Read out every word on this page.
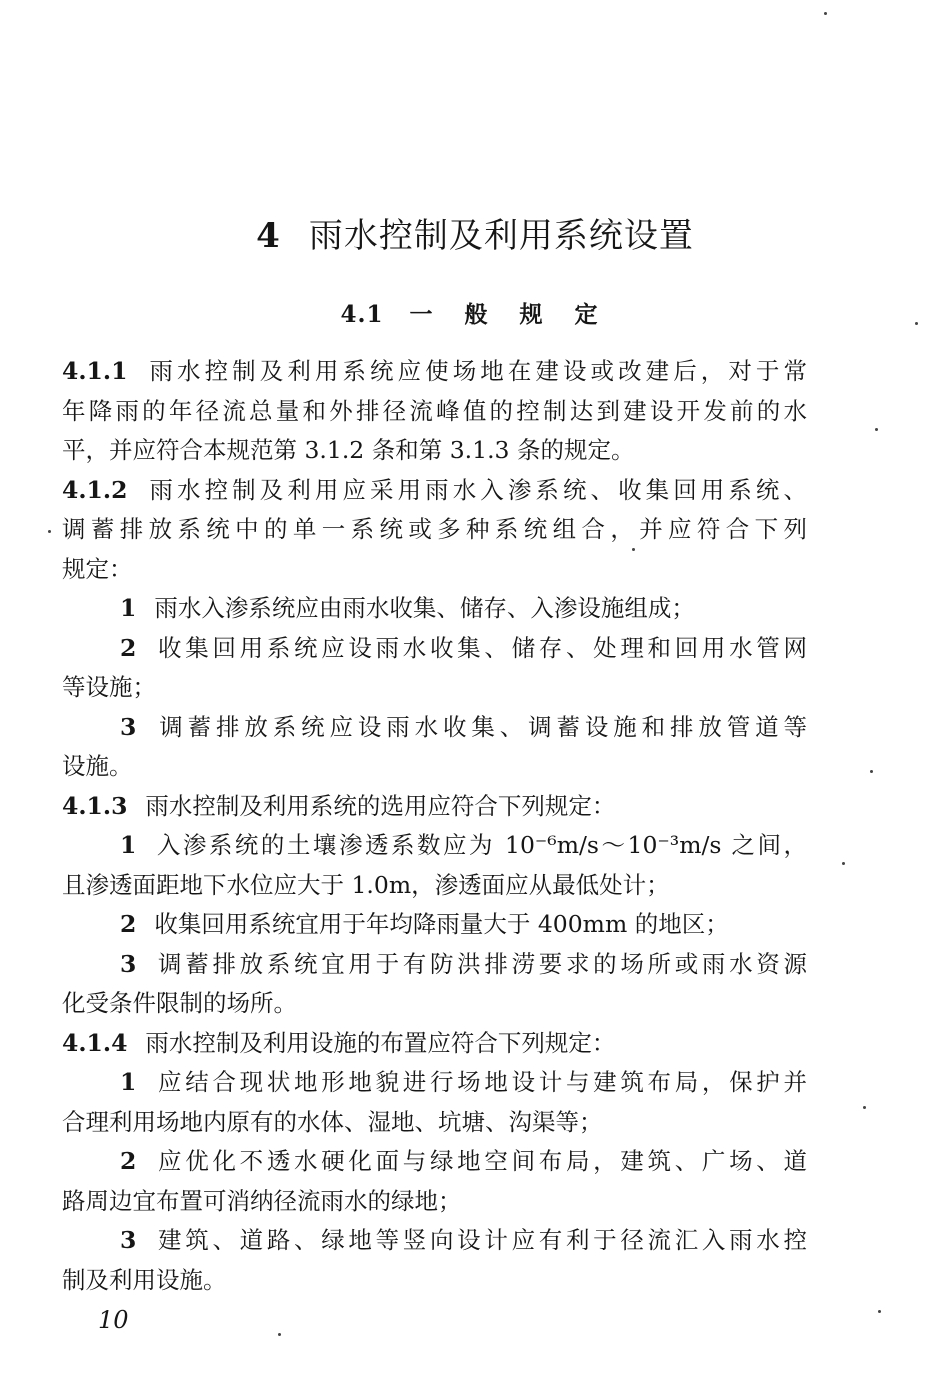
4 雨水控制及利用系统设置
4.1 一 般 规 定

4.1.1 雨水控制及利用系统应使场地在建设或改建后，对于常

年降雨的年径流总量和外排径流峰值的控制达到建设开发前的水

平，并应符合本规范第 3.1.2 条和第 3.1.3 条的规定。

4.1.2 雨水控制及利用应采用雨水入渗系统、收集回用系统、

调蓄排放系统中的单一系统或多种系统组合，并应符合下列

规定：

1 雨水入渗系统应由雨水收集、储存、入渗设施组成；

2 收集回用系统应设雨水收集、储存、处理和回用水管网

等设施；

3 调蓄排放系统应设雨水收集、调蓄设施和排放管道等

设施。

4.1.3 雨水控制及利用系统的选用应符合下列规定：

1 入渗系统的土壤渗透系数应为 10⁻⁶m/s～10⁻³m/s 之间，

且渗透面距地下水位应大于 1.0m，渗透面应从最低处计；

2 收集回用系统宜用于年均降雨量大于 400mm 的地区；

3 调蓄排放系统宜用于有防洪排涝要求的场所或雨水资源

化受条件限制的场所。

4.1.4 雨水控制及利用设施的布置应符合下列规定：

1 应结合现状地形地貌进行场地设计与建筑布局，保护并

合理利用场地内原有的水体、湿地、坑塘、沟渠等；

2 应优化不透水硬化面与绿地空间布局，建筑、广场、道

路周边宜布置可消纳径流雨水的绿地；

3 建筑、道路、绿地等竖向设计应有利于径流汇入雨水控

制及利用设施。

10
